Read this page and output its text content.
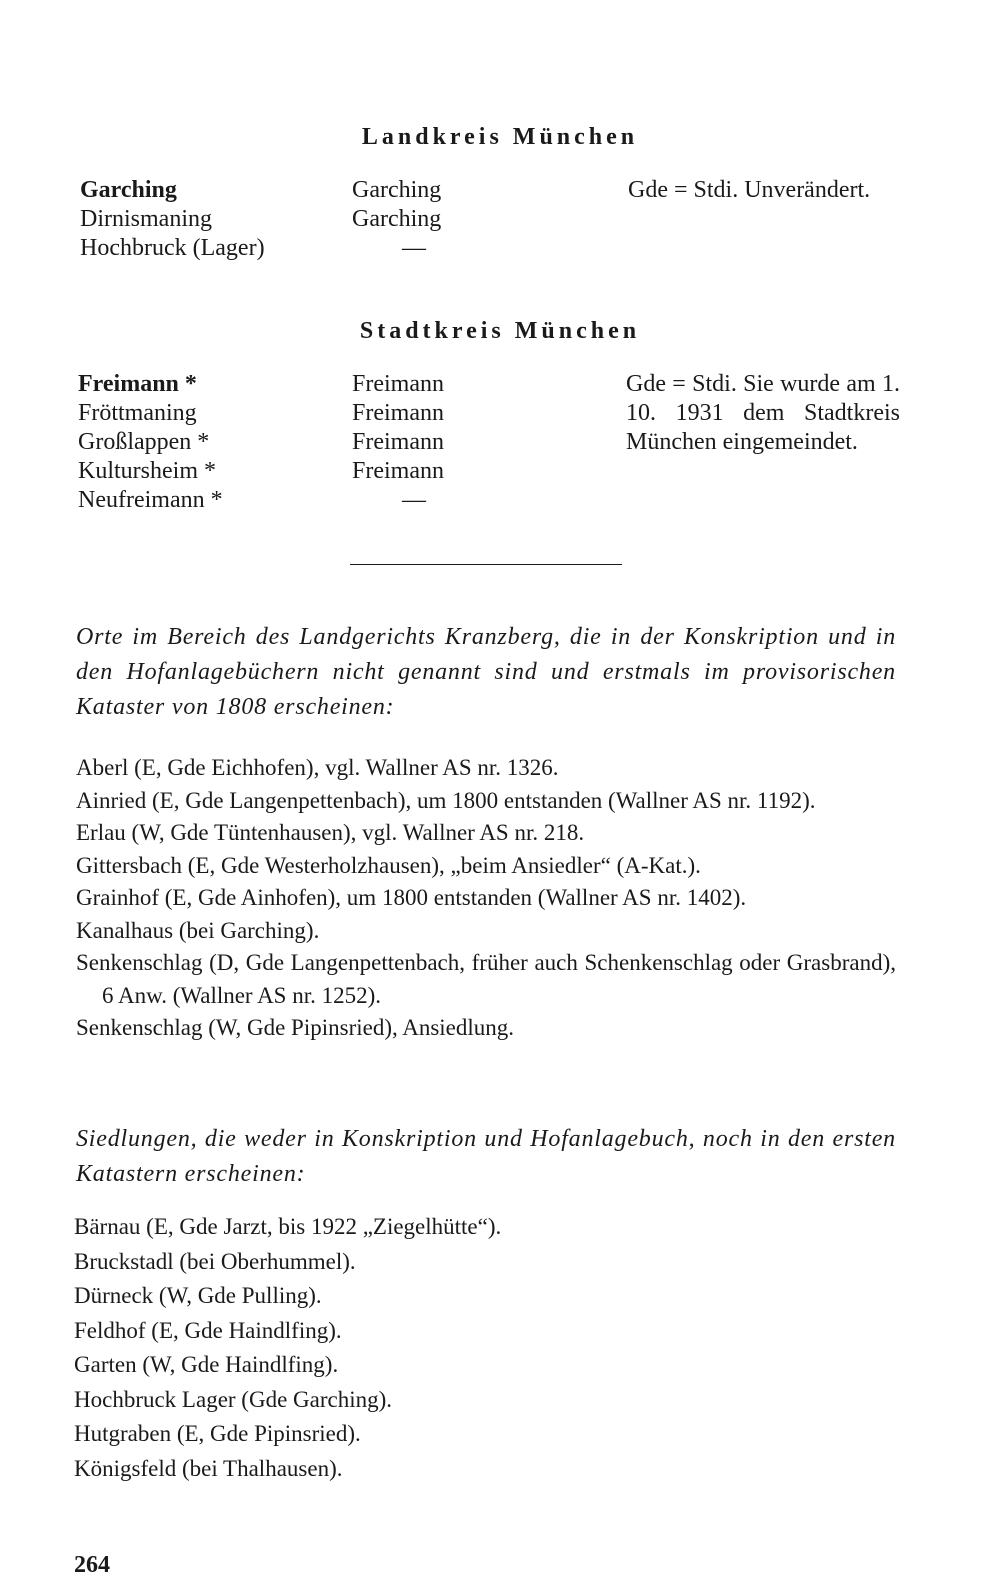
Landkreis München
Garching
Dirnismaning
Hochbruck (Lager)
Garching
Garching
—
Gde = Stdi. Unverändert.
Stadtkreis München
Freimann *
Fröttmaning
Großlappen *
Kultursheim *
Neufreimann *
Freimann
Freimann
Freimann
Freimann
—
Gde = Stdi. Sie wurde am 1. 10. 1931 dem Stadtkreis München eingemeindet.
Orte im Bereich des Landgerichts Kranzberg, die in der Konskription und in den Hofanlagebüchern nicht genannt sind und erstmals im provisorischen Kataster von 1808 erscheinen:
Aberl (E, Gde Eichhofen), vgl. Wallner AS nr. 1326.
Ainried (E, Gde Langenpettenbach), um 1800 entstanden (Wallner AS nr. 1192).
Erlau (W, Gde Tüntenhausen), vgl. Wallner AS nr. 218.
Gittersbach (E, Gde Westerholzhausen), „beim Ansiedler“ (A-Kat.).
Grainhof (E, Gde Ainhofen), um 1800 entstanden (Wallner AS nr. 1402).
Kanalhaus (bei Garching).
Senkenschlag (D, Gde Langenpettenbach, früher auch Schenkenschlag oder Grasbrand), 6 Anw. (Wallner AS nr. 1252).
Senkenschlag (W, Gde Pipinsried), Ansiedlung.
Siedlungen, die weder in Konskription und Hofanlagebuch, noch in den ersten Katastern erscheinen:
Bärnau (E, Gde Jarzt, bis 1922 „Ziegelhütte“).
Bruckstadl (bei Oberhummel).
Dürneck (W, Gde Pulling).
Feldhof (E, Gde Haindlfing).
Garten (W, Gde Haindlfing).
Hochbruck Lager (Gde Garching).
Hutgraben (E, Gde Pipinsried).
Königsfeld (bei Thalhausen).
264
